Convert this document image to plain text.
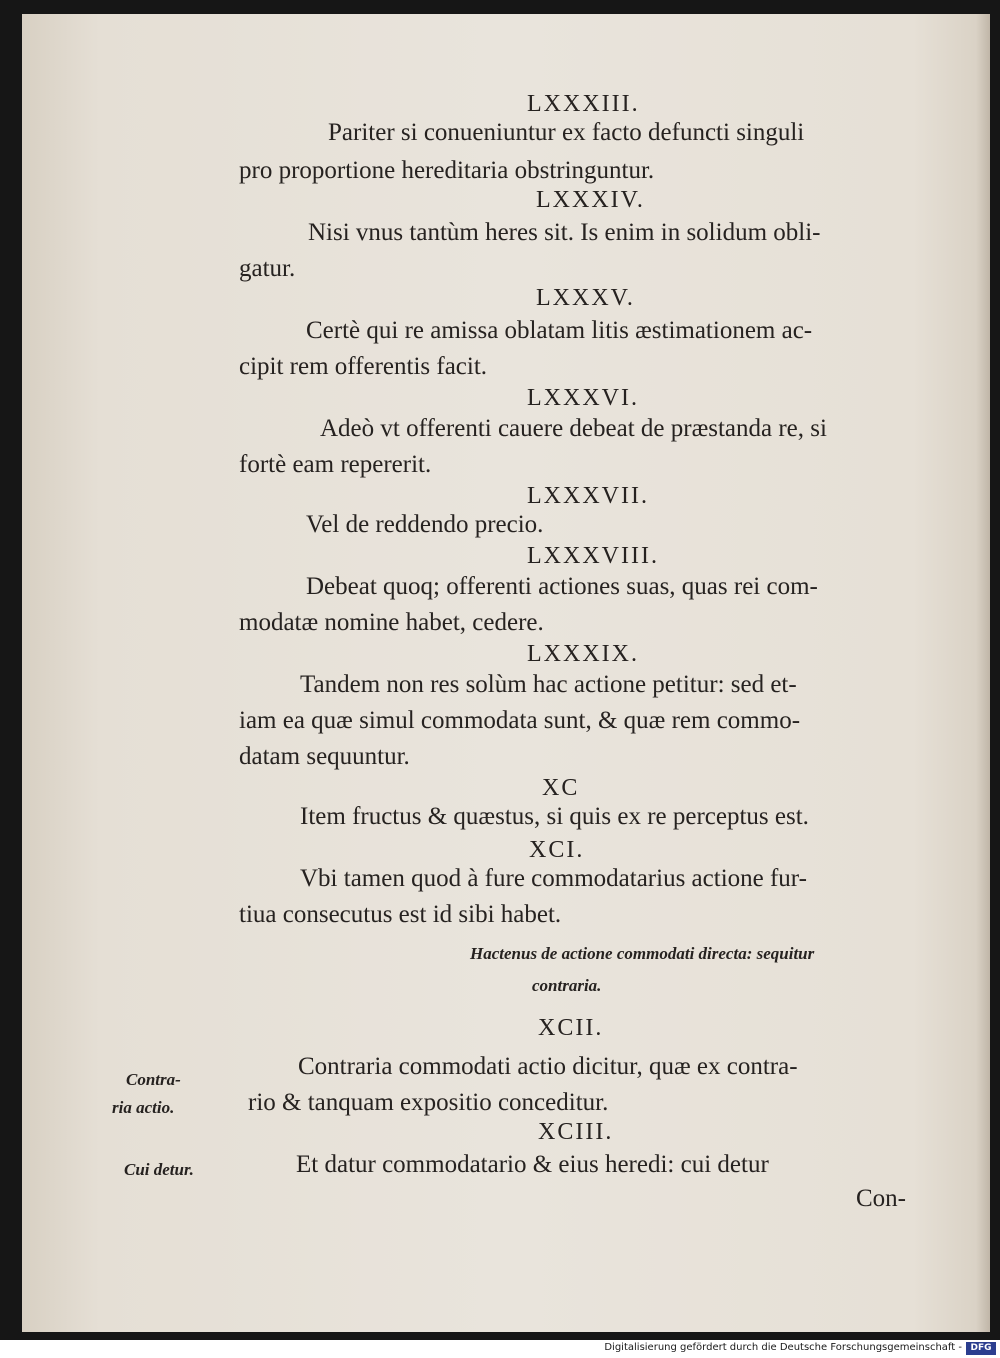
LXXXIII.
Pariter si conueniuntur ex facto defuncti singuli
pro proportione hereditaria obstringuntur.
LXXXIV.
Nisi vnus tantùm heres sit. Is enim in solidum obli-
gatur.
LXXXV.
Certè qui re amissa oblatam litis æstimationem ac-
cipit rem offerentis facit.
LXXXVI.
Adeò vt offerenti cauere debeat de præstanda re, si
fortè eam repererit.
LXXXVII.
Vel de reddendo precio.
LXXXVIII.
Debeat quoq; offerenti actiones suas, quas rei com-
modatæ nomine habet, cedere.
LXXXIX.
Tandem non res solùm hac actione petitur: sed et-
iam ea quæ simul commodata sunt, & quæ rem commo-
datam sequuntur.
XC
Item fructus & quæstus, si quis ex re perceptus est.
XCI.
Vbi tamen quod à fure commodatarius actione fur-
tiua consecutus est id sibi habet.
Hactenus de actione commodati directa: sequitur
contraria.
XCII.
Contraria commodati actio dicitur, quæ ex contra-
rio & tanquam expositio conceditur.
XCIII.
Et datur commodatario & eius heredi: cui detur
Contra-
ria actio.
Cui detur.
Con-
Digitalisierung gefördert durch die Deutsche Forschungsgemeinschaft - DFG
